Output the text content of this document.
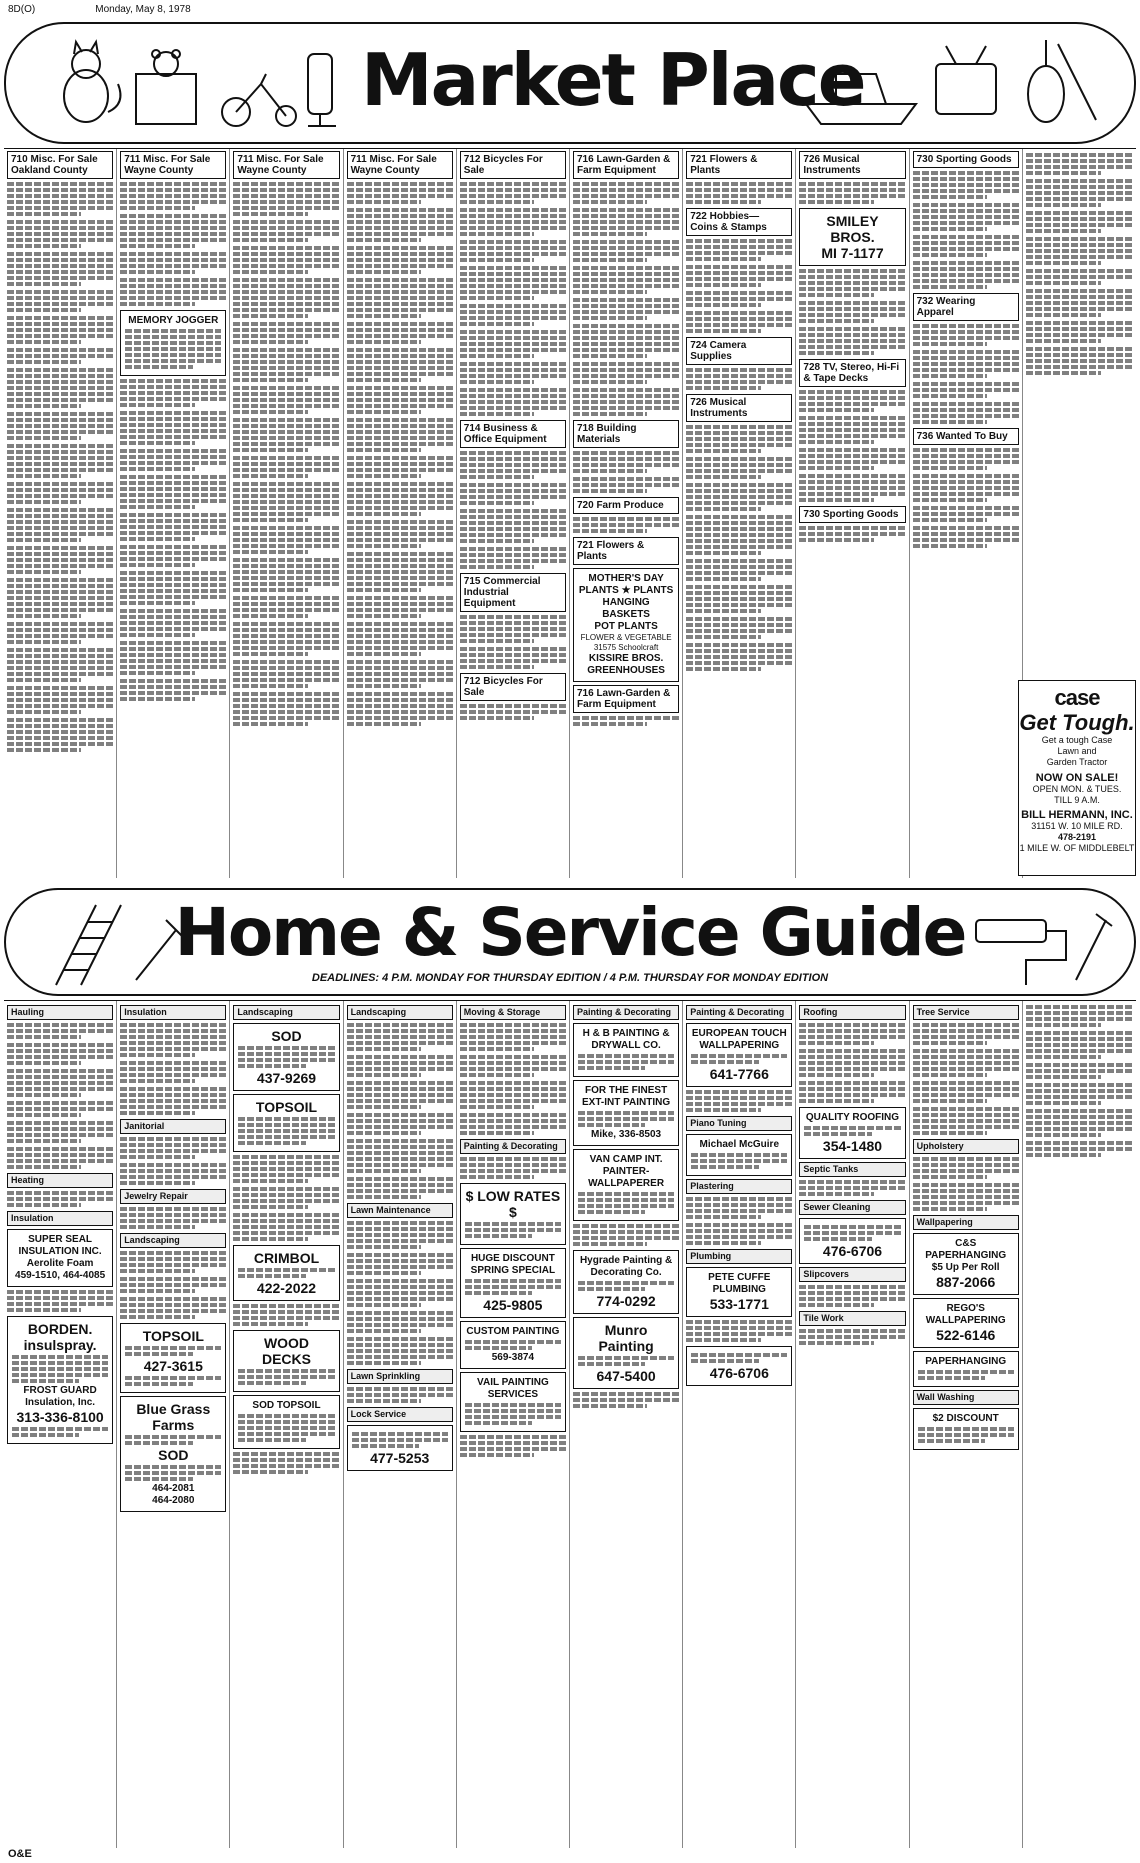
8D(O)	Monday, May 8, 1978
Market Place
710 Misc. For Sale Oakland County
711 Misc. For Sale Wayne County
MEMORY JOGGER
711 Misc. For Sale Wayne County
711 Misc. For Sale Wayne County
712 Bicycles For Sale
714 Business & Office Equipment
715 Commercial Industrial Equipment
712 Bicycles For Sale
716 Lawn-Garden & Farm Equipment
718 Building Materials
720 Farm Produce
721 Flowers & Plants
MOTHER'S DAY
PLANTS ★ PLANTS
HANGING BASKETS
POT PLANTS
FLOWER & VEGETABLE
31575 Schoolcraft
KISSIRE BROS.
GREENHOUSES
716 Lawn-Garden & Farm Equipment
721 Flowers & Plants
722 Hobbies— Coins & Stamps
724 Camera Supplies
726 Musical Instruments
726 Musical Instruments
SMILEY BROS.
MI 7-1177
728 TV, Stereo, Hi-Fi & Tape Decks
730 Sporting Goods
730 Sporting Goods
732 Wearing Apparel
736 Wanted To Buy
case
Get Tough.
Get a tough Case
Lawn and
Garden Tractor
NOW ON SALE!
OPEN MON. & TUES.
TILL 9 A.M.
BILL HERMANN, INC.
31151 W. 10 MILE RD.
478-2191
1 MILE W. OF MIDDLEBELT
Home & Service Guide
DEADLINES: 4 P.M. MONDAY FOR THURSDAY EDITION / 4 P.M. THURSDAY FOR MONDAY EDITION
Hauling
Heating
Insulation
SUPER SEAL INSULATION INC.
Aerolite Foam
459-1510, 464-4085
BORDEN.
insulspray.
FROST GUARD Insulation, Inc.
313-336-8100
Insulation
Janitorial
Jewelry Repair
Landscaping
TOPSOIL
427-3615
Blue Grass Farms
SOD
464-2081
464-2080
Landscaping
SOD
437-9269
TOPSOIL
CRIMBOL
422-2022
WOOD DECKS
SOD TOPSOIL
Landscaping
Lawn Maintenance
Lawn Sprinkling
Lock Service
477-5253
Moving & Storage
Painting & Decorating
$ LOW RATES $
HUGE DISCOUNT SPRING SPECIAL
425-9805
CUSTOM PAINTING
569-3874
VAIL PAINTING SERVICES
Painting & Decorating
H & B PAINTING & DRYWALL CO.
FOR THE FINEST EXT-INT PAINTING
Mike, 336-8503
VAN CAMP INT. PAINTER-WALLPAPERER
Hygrade Painting & Decorating Co.
774-0292
Munro Painting
647-5400
Painting & Decorating
EUROPEAN TOUCH WALLPAPERING
641-7766
Piano Tuning
Michael McGuire
Plastering
Plumbing
PETE CUFFE PLUMBING
533-1771
476-6706
Roofing
QUALITY ROOFING
354-1480
Septic Tanks
Sewer Cleaning
476-6706
Slipcovers
Tile Work
Tree Service
Upholstery
Wallpapering
C&S PAPERHANGING
$5 Up Per Roll
887-2066
REGO'S WALLPAPERING
522-6146
PAPERHANGING
Wall Washing
$2 DISCOUNT
O&E
